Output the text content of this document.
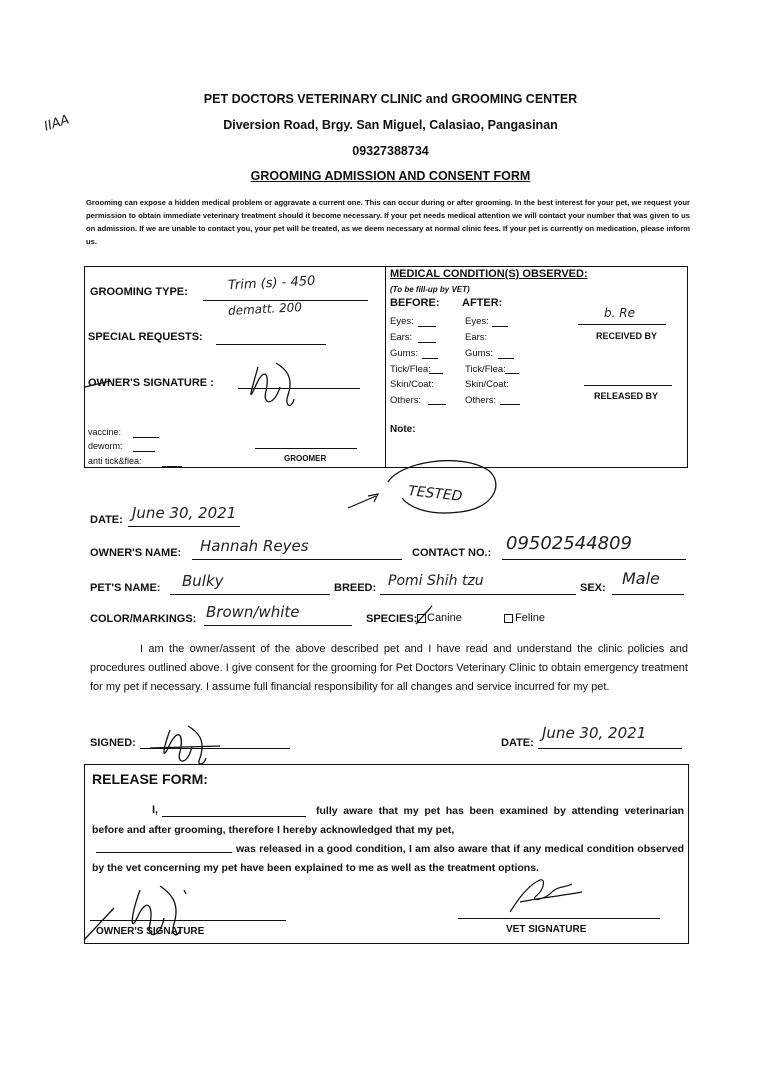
IIAA
PET DOCTORS VETERINARY CLINIC and GROOMING CENTER
Diversion Road, Brgy. San Miguel, Calasiao, Pangasinan
09327388734
GROOMING ADMISSION AND CONSENT FORM
Grooming can expose a hidden medical problem or aggravate a current one. This can occur during or after grooming. In the best interest for your pet, we request your permission to obtain immediate veterinary treatment should it become necessary. If your pet needs medical attention we will contact your number that was given to us on admission. If we are unable to contact you, your pet will be treated, as we deem necessary at normal clinic fees. If your pet is currently on medication, please inform us.
GROOMING TYPE:	Trim (s) - 450
dematt. 200
SPECIAL REQUESTS:
OWNER'S SIGNATURE :
vaccine:
deworm:
anti tick&flea:	GROOMER
MEDICAL CONDITION(S) OBSERVED:
(To be fill-up by VET)
BEFORE: AFTER:
Eyes:	Eyes:
Ears:	Ears:
Gums:	Gums:
Tick/Flea:	Tick/Flea:
Skin/Coat:	Skin/Coat:
Others:	Others:
b. Re
RECEIVED BY
RELEASED BY
Note:
TESTED
DATE: June 30, 2021
OWNER'S NAME: Hannah Reyes	CONTACT NO.: 09502544809
PET'S NAME: Bulky	BREED: Pomi Shih tzu	SEX: Male
COLOR/MARKINGS: Brown/white	SPECIES: Canine	Feline
I am the owner/assent of the above described pet and I have read and understand the clinic policies and procedures outlined above. I give consent for the grooming for Pet Doctors Veterinary Clinic to obtain emergency treatment for my pet if necessary. I assume full financial responsibility for all changes and service incurred for my pet.
SIGNED:	DATE:
June 30, 2021
RELEASE FORM:
I,	fully aware that my pet has been examined by attending veterinarian before and after grooming, therefore I hereby acknowledged that my pet,
was released in a good condition, I am also aware that if any medical condition observed by the vet concerning my pet have been explained to me as well as the treatment options.
OWNER'S SIGNATURE	VET SIGNATURE
